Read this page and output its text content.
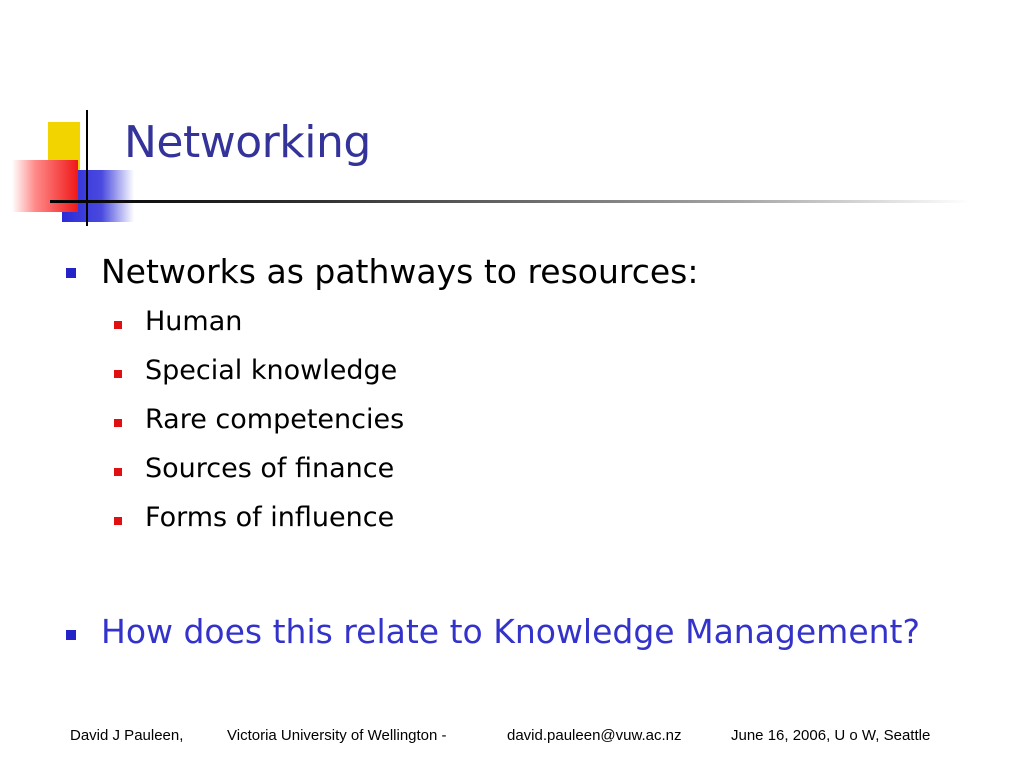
Networking
Networks as pathways to resources:
Human
Special knowledge
Rare competencies
Sources of finance
Forms of influence
How does this relate to Knowledge Management?
David J Pauleen,	Victoria University of Wellington -	david.pauleen@vuw.ac.nz	June 16, 2006, U o W, Seattle
